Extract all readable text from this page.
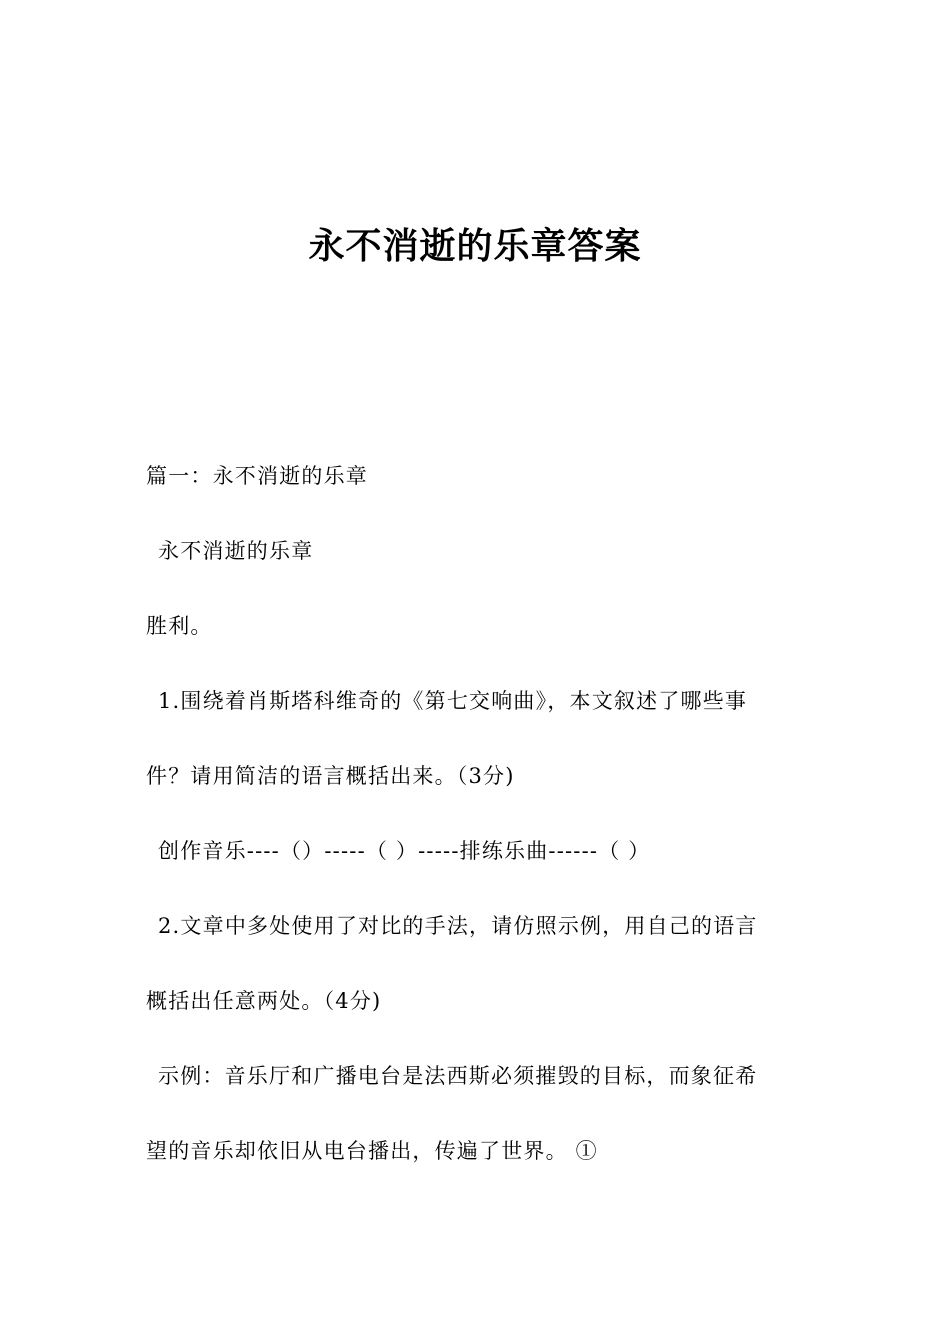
永不消逝的乐章答案

篇一：永不消逝的乐章

永不消逝的乐章

胜利。

1.围绕着肖斯塔科维奇的《第七交响曲》，本文叙述了哪些事

件？请用简洁的语言概括出来。（3分)

创作音乐----（）-----（ ）-----排练乐曲------（ ）

2.文章中多处使用了对比的手法，请仿照示例，用自己的语言

概括出任意两处。（4分)

示例：音乐厅和广播电台是法西斯必须摧毁的目标，而象征希

望的音乐却依旧从电台播出，传遍了世界。 ①
